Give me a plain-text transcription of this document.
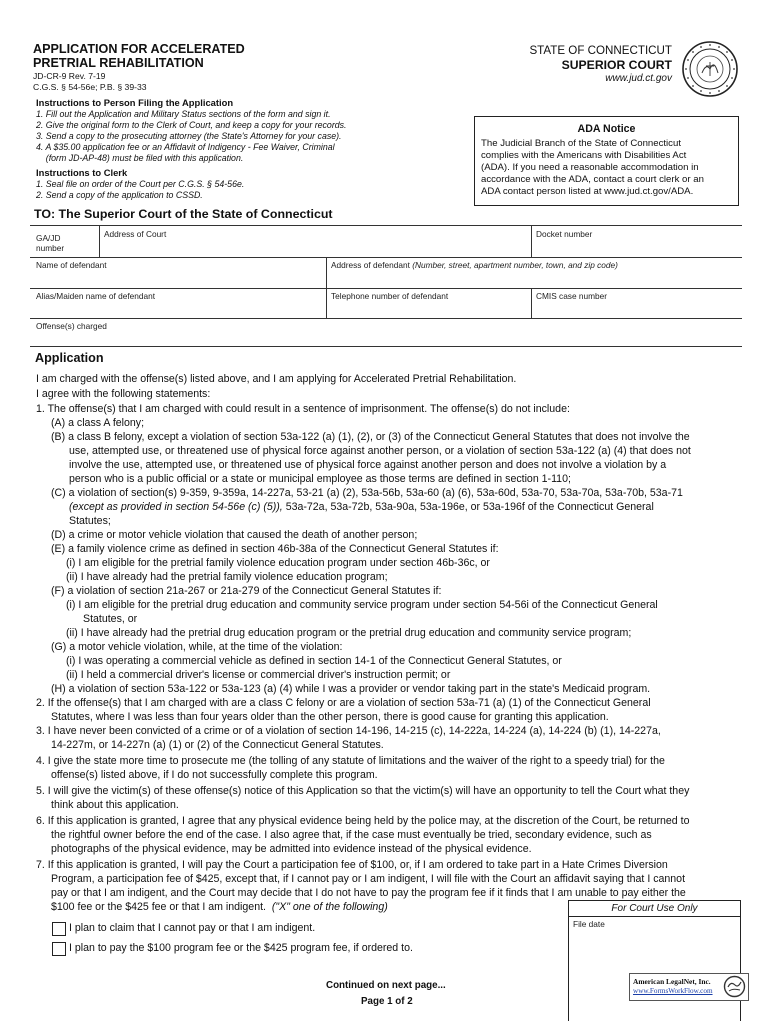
APPLICATION FOR ACCELERATED
PRETRIAL REHABILITATION
JD-CR-9 Rev. 7-19
C.G.S. § 54-56e; P.B. § 39-33
STATE OF CONNECTICUT
SUPERIOR COURT
www.jud.ct.gov
Instructions to Person Filing the Application
1. Fill out the Application and Military Status sections of the form and sign it.
2. Give the original form to the Clerk of Court, and keep a copy for your records.
3. Send a copy to the prosecuting attorney (the State's Attorney for your case).
4. A $35.00 application fee or an Affidavit of Indigency - Fee Waiver, Criminal
(form JD-AP-48) must be filed with this application.
Instructions to Clerk
1. Seal file on order of the Court per C.G.S. § 54-56e.
2. Send a copy of the application to CSSD.
ADA Notice
The Judicial Branch of the State of Connecticut
complies with the Americans with Disabilities Act
(ADA). If you need a reasonable accommodation in
accordance with the ADA, contact a court clerk or an
ADA contact person listed at www.jud.ct.gov/ADA.
TO: The Superior Court of the State of Connecticut
GA/JD
number
Address of Court	Docket number
Name of defendant	Address of defendant (Number, street, apartment number, town, and zip code)
Alias/Maiden name of defendant	Telephone number of defendant	CMIS case number
Offense(s) charged
Application
I am charged with the offense(s) listed above, and I am applying for Accelerated Pretrial Rehabilitation.
I agree with the following statements:
1. The offense(s) that I am charged with could result in a sentence of imprisonment. The offense(s) do not include:
(A) a class A felony;
(B) a class B felony, except a violation of section 53a-122 (a) (1), (2), or (3) of the Connecticut General Statutes that does not involve the
use, attempted use, or threatened use of physical force against another person, or a violation of section 53a-122 (a) (4) that does not
involve the use, attempted use, or threatened use of physical force against another person and does not involve a violation by a
person who is a public official or a state or municipal employee as those terms are defined in section 1-110;
(C) a violation of section(s) 9-359, 9-359a, 14-227a, 53-21 (a) (2), 53a-56b, 53a-60 (a) (6), 53a-60d, 53a-70, 53a-70a, 53a-70b, 53a-71
(except as provided in section 54-56e (c) (5)), 53a-72a, 53a-72b, 53a-90a, 53a-196e, or 53a-196f of the Connecticut General
Statutes;
(D) a crime or motor vehicle violation that caused the death of another person;
(E) a family violence crime as defined in section 46b-38a of the Connecticut General Statutes if:
(i) I am eligible for the pretrial family violence education program under section 46b-36c, or
(ii) I have already had the pretrial family violence education program;
(F) a violation of section 21a-267 or 21a-279 of the Connecticut General Statutes if:
(i) I am eligible for the pretrial drug education and community service program under section 54-56i of the Connecticut General
Statutes, or
(ii) I have already had the pretrial drug education program or the pretrial drug education and community service program;
(G) a motor vehicle violation, while, at the time of the violation:
(i) I was operating a commercial vehicle as defined in section 14-1 of the Connecticut General Statutes, or
(ii) I held a commercial driver's license or commercial driver's instruction permit; or
(H) a violation of section 53a-122 or 53a-123 (a) (4) while I was a provider or vendor taking part in the state's Medicaid program.
2. If the offense(s) that I am charged with are a class C felony or are a violation of section 53a-71 (a) (1) of the Connecticut General
Statutes, where I was less than four years older than the other person, there is good cause for granting this application.
3. I have never been convicted of a crime or of a violation of section 14-196, 14-215 (c), 14-222a, 14-224 (a), 14-224 (b) (1), 14-227a,
14-227m, or 14-227n (a) (1) or (2) of the Connecticut General Statutes.
4. I give the state more time to prosecute me (the tolling of any statute of limitations and the waiver of the right to a speedy trial) for the
offense(s) listed above, if I do not successfully complete this program.
5. I will give the victim(s) of these offense(s) notice of this Application so that the victim(s) will have an opportunity to tell the Court what they
think about this application.
6. If this application is granted, I agree that any physical evidence being held by the police may, at the discretion of the Court, be returned to
the rightful owner before the end of the case. I also agree that, if the case must eventually be tried, secondary evidence, such as
photographs of the physical evidence, may be admitted into evidence instead of the physical evidence.
7. If this application is granted, I will pay the Court a participation fee of $100, or, if I am ordered to take part in a Hate Crimes Diversion
Program, a participation fee of $425, except that, if I cannot pay or I am indigent, I will file with the Court an affidavit saying that I cannot
pay or that I am indigent, and the Court may decide that I do not have to pay the program fee if it finds that I am unable to pay either the
$100 fee or the $425 fee or that I am indigent. ("X" one of the following)
I plan to claim that I cannot pay or that I am indigent.
I plan to pay the $100 program fee or the $425 program fee, if ordered to.
For Court Use Only
File date
Continued on next page...
Page 1 of 2
American LegalNet, Inc.
www.FormsWorkFlow.com
